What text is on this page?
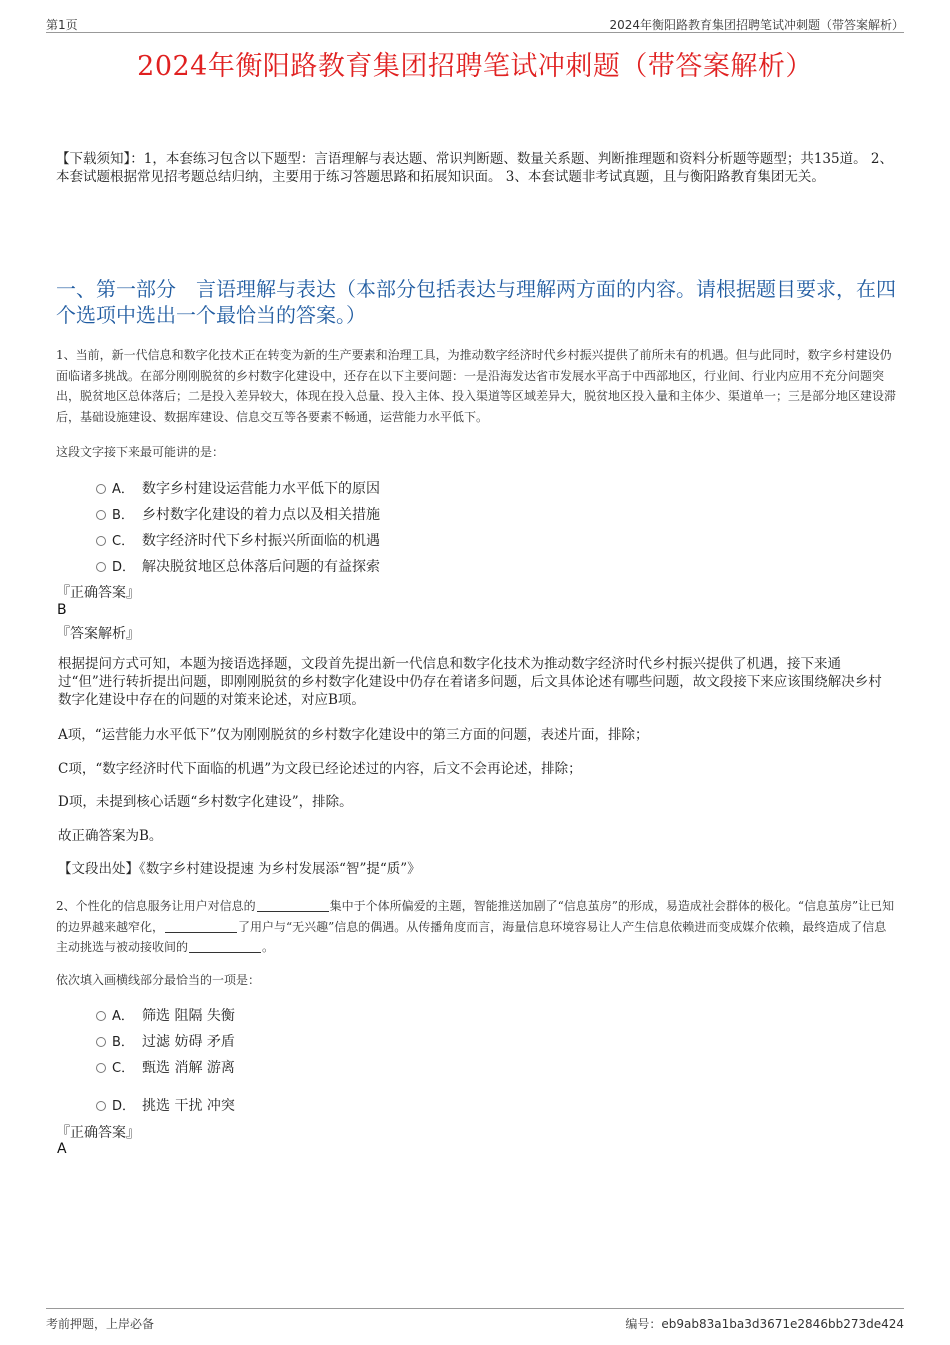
第1页	2024年衡阳路教育集团招聘笔试冲刺题（带答案解析）
2024年衡阳路教育集团招聘笔试冲刺题（带答案解析）
【下载须知】：1，本套练习包含以下题型：言语理解与表达题、常识判断题、数量关系题、判断推理题和资料分析题等题型；共135道。 2、本套试题根据常见招考题总结归纳，主要用于练习答题思路和拓展知识面。 3、本套试题非考试真题，且与衡阳路教育集团无关。
一、第一部分　言语理解与表达（本部分包括表达与理解两方面的内容。请根据题目要求，在四个选项中选出一个最恰当的答案。）
1、当前，新一代信息和数字化技术正在转变为新的生产要素和治理工具，为推动数字经济时代乡村振兴提供了前所未有的机遇。但与此同时，数字乡村建设仍面临诸多挑战。在部分刚刚脱贫的乡村数字化建设中，还存在以下主要问题：一是沿海发达省市发展水平高于中西部地区，行业间、行业内应用不充分问题突出，脱贫地区总体落后；二是投入差异较大，体现在投入总量、投入主体、投入渠道等区域差异大，脱贫地区投入量和主体少、渠道单一；三是部分地区建设滞后，基础设施建设、数据库建设、信息交互等各要素不畅通，运营能力水平低下。
这段文字接下来最可能讲的是：
A． 数字乡村建设运营能力水平低下的原因
B． 乡村数字化建设的着力点以及相关措施
C． 数字经济时代下乡村振兴所面临的机遇
D． 解决脱贫地区总体落后问题的有益探索
『正确答案』
B
『答案解析』
根据提问方式可知，本题为接语选择题，文段首先提出新一代信息和数字化技术为推动数字经济时代乡村振兴提供了机遇，接下来通过“但”进行转折提出问题，即刚刚脱贫的乡村数字化建设中仍存在着诸多问题，后文具体论述有哪些问题，故文段接下来应该围绕解决乡村数字化建设中存在的问题的对策来论述，对应B项。
A项，“运营能力水平低下”仅为刚刚脱贫的乡村数字化建设中的第三方面的问题，表述片面，排除；
C项，“数字经济时代下面临的机遇”为文段已经论述过的内容，后文不会再论述，排除；
D项，未提到核心话题“乡村数字化建设”，排除。
故正确答案为B。
【文段出处】《数字乡村建设提速 为乡村发展添“智”提“质”》
2、个性化的信息服务让用户对信息的	集中于个体所偏爱的主题，智能推送加剧了“信息茧房”的形成，易造成社会群体的极化。“信息茧房”让已知的边界越来越窄化，	了用户与“无兴趣”信息的偶遇。从传播角度而言，海量信息环境容易让人产生信息依赖进而变成媒介依赖，最终造成了信息主动挑选与被动接收间的	。
依次填入画横线部分最恰当的一项是：
A． 筛选 阻隔 失衡
B． 过滤 妨碍 矛盾
C． 甄选 消解 游离
D． 挑选 干扰 冲突
『正确答案』
A
考前押题，上岸必备	编号：eb9ab83a1ba3d3671e2846bb273de424
